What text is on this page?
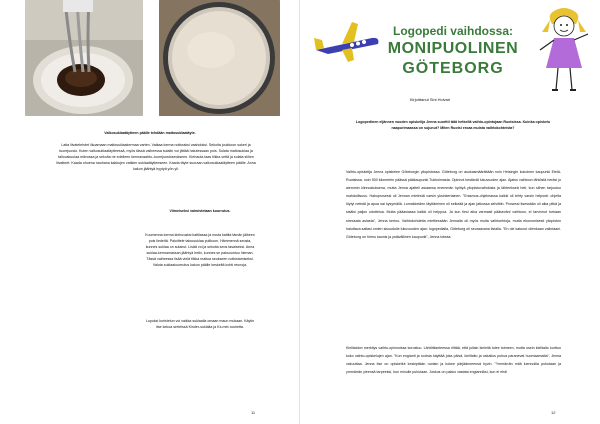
Valkosuklaatäytteen päälle tehdään maitosuklaatäyte.
Laita liivatelehdet likoamaan maitosuklaakermaa varten. Vatkaa kerma notkeaksi vaahdoksi. Sekoita joukkoon sokeri ja tuorejuusto. Kuten valkosuklaatäytteessä, myös tässä vaiheessa sulatin voi jättää halutessaan pois. Sulata maitosuklaa ja tallouskuulaa mikrossa ja sekoita ne edelleen kermavaahto–tuorejuustoseokseen. Kiehauta taas tilkka vettä ja sulata siihen liivatteet. Kaada ohuena nauhana kakkujen vatkien suklaatäytteeseen. Kaada täyte suoraan valkosuklaatäytteen päälle. Anna kakun jäähtyä hyytyä yön yli.
Viimeiseksi valmistetaan kuorrutus.
Kuumenna kerma kiehuvaksi kattilassa ja nosta kattila tämän jälkeen pois liedeltä. Paloittele talousuklaa pulikoon. Hämmennä seosta, kunnes suklaa on sulanut. Lisää voi ja sekoita seos tasaiseksi. Anna suklaa-kermamassan jäähtyä hetki, kunnes se paksuuntuu hieman. Tässä vaiheessa lisää vielä tilkka maitoa seokseen notkistamiseksi. Valuta suklaakuorrutus kakun päälle keskeltä kohti reunoja.
Lopuksi koristelun voi vaikka suklaalla omaan maun mukaan. Käytin itse kekoa serteissä Kinder-suklaita ja Ks-met-rouhetta.
11
Logopedi vaihdossa:
MONIPUOLINEN
GÖTEBORG
Kirjoittanut Sini Holvari
Logopedinen eljännen vuoden opiskelija Jenna suoritti tätä hetkellä vaihto-opintojaan Ruotsissa. Kuinka opiskelu naapurimaassa on sujunut? Miten Ruotsi eroaa muista vaihtokohteista?
Vaihto-opiskelija Jenna opiskelee Göteborgin yliopistossa. Göteborg on asukasmäärältään noin Helsingin kokoinen kaupunki Etelä-Ruotsissa, noin 500 kilometrin päässä pääkaupunki Tukholmasta. Opinnot kestävät lukuvuoden ajan. Ajatus vaihtoon lähtöstä heräsi jo aiemmin kiinnostuksena, mutta Jenna ajatteli asiaansa enemmän hyötyä yliopistovaihdosta ja lähteekseä heti, kun siihen tarjoutuu mahdollisuus. Hakuprosessi oli Jennan mielestä varsin yksinkertainen. "Erasmus-ohjelmassa kaikki oli tehty varsin helposti: ohjeita löytyi netistä ja apua sai kysymällä. Lomakkeiden täyttäminen oli selkeää ja ajan jatkossa selvittiin. Prosessi itsessään oli aika pitkä ja sisälsi paljon odottelua. Mutta pääasiassa kaikki oli helppoa. Ja kun tiesi aika varmasti pääseväni vaihtoon, ei tarvinnut turhaan stressata asiasta", Jenna kertoo. Vaihtokohdetta miettiessään Jennalla oli myös muita vaihtoehtoja, mutta ekonomisesti yliopiston haluttava sallasi omien sisoudulle lukuvuoden ajan: logopedialla, Göteborg oli seuraavana listalla. "En ole katunut ollenkaan valintaani. Göteborg on hirmu kaunis ja ystävällinen kaupunki", Jenna toteaa.
Kielitaidon merkitys vaihto-opinnoissa korostuu. Lähtötilanteessa riittää, että jollain kielellä tulee toimeen, mutta usein kielitaito kurttuu koko vaihto-opiskelujen ajan. "Kun englanti ja ruotsia käyttää joka päivä, kielitaito ja uskallus puhua paranevat huomaamatta", Jenna vakuuttaa. Jenna itse on opiskellut keskipitkän ruotsin ja kokee pärjäänneensä hyvin. "Ymmärrän mitä luennoilla puhutaan ja ymmärrän yleensä tarpeeksi, kun minulle puhutaan. Joskus on pakko vastata englanniksi, kun ei ehdi
12
